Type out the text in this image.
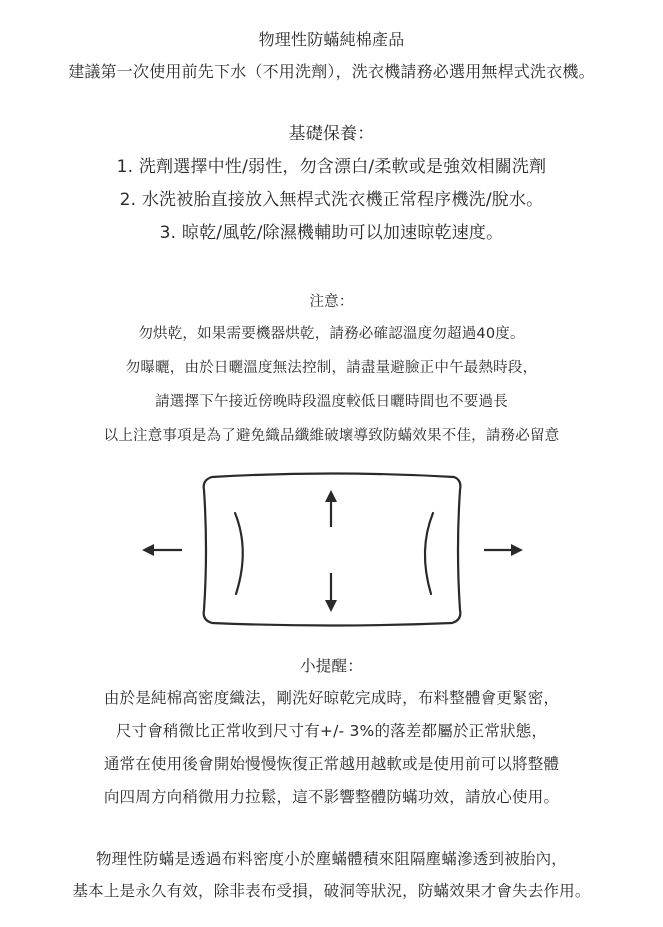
物理性防蟎純棉產品
建議第一次使用前先下水（不用洗劑），洗衣機請務必選用無桿式洗衣機。
基礎保養：
1. 洗劑選擇中性/弱性，勿含漂白/柔軟或是強效相關洗劑
2. 水洗被胎直接放入無桿式洗衣機正常程序機洗/脫水。
3. 晾乾/風乾/除濕機輔助可以加速晾乾速度。
注意：
勿烘乾，如果需要機器烘乾，請務必確認溫度勿超過40度。
勿曝曬，由於日曬溫度無法控制，請盡量避臉正中午最熱時段，
請選擇下午接近傍晚時段溫度較低日曬時間也不要過長
以上注意事項是為了避免織品纖維破壞導致防蟎效果不佳，請務必留意
小提醒：
由於是純棉高密度織法，剛洗好晾乾完成時，布料整體會更緊密，
尺寸會稍微比正常收到尺寸有+/- 3%的落差都屬於正常狀態，
通常在使用後會開始慢慢恢復正常越用越軟或是使用前可以將整體
向四周方向稍微用力拉鬆，這不影響整體防蟎功效，請放心使用。
物理性防蟎是透過布料密度小於塵蟎體積來阻隔塵蟎滲透到被胎內，
基本上是永久有效，除非表布受損，破洞等狀況，防蟎效果才會失去作用。
